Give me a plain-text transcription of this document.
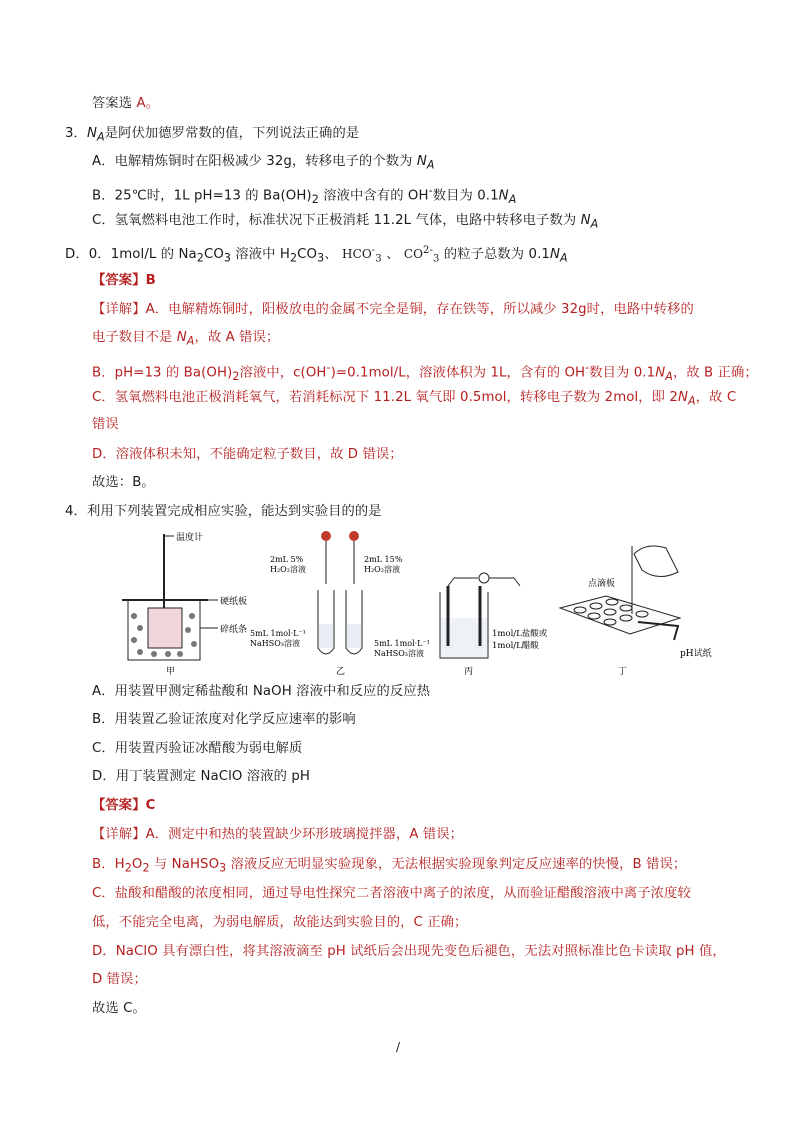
答案选 A。
3．$N_A$是阿伏加德罗常数的值，下列说法正确的是
A．电解精炼铜时在阳极减少 32g，转移电子的个数为 $N_A$
B．25℃时，1L pH=13 的 $Ba(OH)_2$ 溶液中含有的 OH-数目为 $0.1N_A$
C．氢氧燃料电池工作时，标准状况下正极消耗 11.2L 气体，电路中转移电子数为 $N_A$
D．0．1mol/L 的 $Na_2CO_3$ 溶液中 $H_2CO_3$、 $HCO^-_3$ 、 $CO^{2-}_3$ 的粒子总数为 $0.1N_A$
【答案】B
【详解】A．电解精炼铜时，阳极放电的金属不完全是铜，存在铁等，所以减少 32g时，电路中转移的
电子数目不是 $N_A$，故 A 错误；
B．pH=13 的 $Ba(OH)_2$溶液中，c(OH-)=0.1mol/L，溶液体积为 1L，含有的 OH-数目为 $0.1N_A$，故 B 正确；
C．氢氧燃料电池正极消耗氧气，若消耗标况下 11.2L 氧气即 0.5mol，转移电子数为 2mol，即 $2N_A$，故 C
错误
D．溶液体积未知，不能确定粒子数目，故 D 错误；
故选：B。
4．利用下列装置完成相应实验，能达到实验目的的是
温度计
硬纸板
碎纸条
甲
2mL 5%
H₂O₂溶液
2mL 15%
H₂O₂溶液
5mL 1mol·L⁻¹
NaHSO₃溶液	5mL 1mol·L⁻¹
NaHSO₃溶液
乙
1mol/L盐酸或
1mol/L醋酸
丙
点滴板
pH试纸
丁
A．用装置甲测定稀盐酸和 NaOH 溶液中和反应的反应热
B．用装置乙验证浓度对化学反应速率的影响
C．用装置丙验证冰醋酸为弱电解质
D．用丁装置测定 NaClO 溶液的 pH
【答案】C
【详解】A．测定中和热的装置缺少环形玻璃搅拌器，A 错误；
B．$H_2O_2$ 与 NaHSO$_3$ 溶液反应无明显实验现象，无法根据实验现象判定反应速率的快慢，B 错误；
C．盐酸和醋酸的浓度相同，通过导电性探究二者溶液中离子的浓度，从而验证醋酸溶液中离子浓度较
低，不能完全电离，为弱电解质，故能达到实验目的，C 正确；
D．NaClO 具有漂白性，将其溶液滴至 pH 试纸后会出现先变色后褪色，无法对照标准比色卡读取 pH 值，
D 错误；
故选 C。
/
